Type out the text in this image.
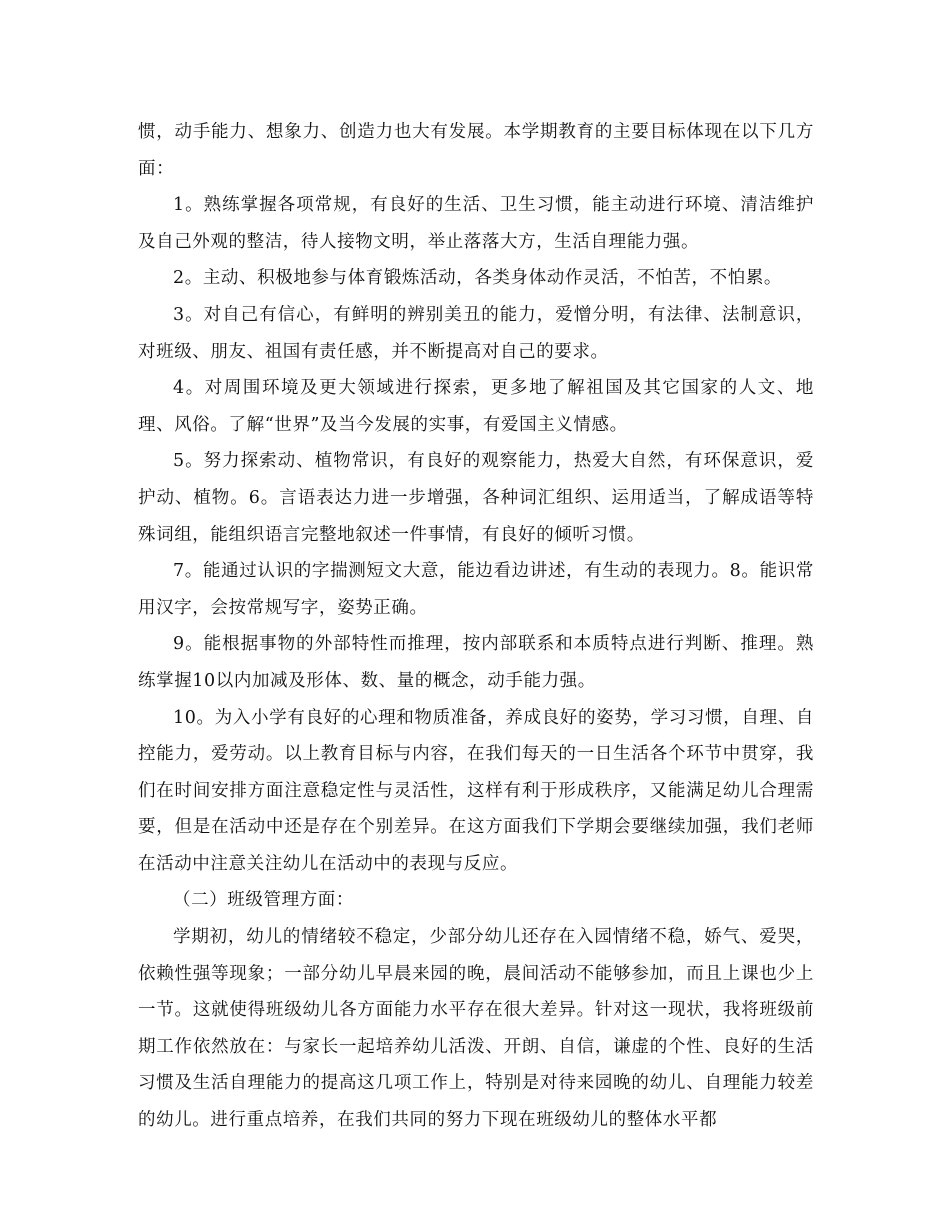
惯，动手能力、想象力、创造力也大有发展。本学期教育的主要目标体现在以下几方面：

1。熟练掌握各项常规，有良好的生活、卫生习惯，能主动进行环境、清洁维护及自己外观的整洁，待人接物文明，举止落落大方，生活自理能力强。

2。主动、积极地参与体育锻炼活动，各类身体动作灵活，不怕苦，不怕累。

3。对自己有信心，有鲜明的辨别美丑的能力，爱憎分明，有法律、法制意识，对班级、朋友、祖国有责任感，并不断提高对自己的要求。

4。对周围环境及更大领域进行探索，更多地了解祖国及其它国家的人文、地理、风俗。了解“世界”及当今发展的实事，有爱国主义情感。

5。努力探索动、植物常识，有良好的观察能力，热爱大自然，有环保意识，爱护动、植物。6。言语表达力进一步增强，各种词汇组织、运用适当，了解成语等特殊词组，能组织语言完整地叙述一件事情，有良好的倾听习惯。

7。能通过认识的字揣测短文大意，能边看边讲述，有生动的表现力。8。能识常用汉字，会按常规写字，姿势正确。

9。能根据事物的外部特性而推理，按内部联系和本质特点进行判断、推理。熟练掌握10以内加减及形体、数、量的概念，动手能力强。

10。为入小学有良好的心理和物质准备，养成良好的姿势，学习习惯，自理、自控能力，爱劳动。以上教育目标与内容，在我们每天的一日生活各个环节中贯穿，我们在时间安排方面注意稳定性与灵活性，这样有利于形成秩序，又能满足幼儿合理需要，但是在活动中还是存在个别差异。在这方面我们下学期会要继续加强，我们老师在活动中注意关注幼儿在活动中的表现与反应。

（二）班级管理方面：

学期初，幼儿的情绪较不稳定，少部分幼儿还存在入园情绪不稳，娇气、爱哭，依赖性强等现象；一部分幼儿早晨来园的晚，晨间活动不能够参加，而且上课也少上一节。这就使得班级幼儿各方面能力水平存在很大差异。针对这一现状，我将班级前期工作依然放在：与家长一起培养幼儿活泼、开朗、自信，谦虚的个性、良好的生活习惯及生活自理能力的提高这几项工作上，特别是对待来园晚的幼儿、自理能力较差的幼儿。进行重点培养，在我们共同的努力下现在班级幼儿的整体水平都
